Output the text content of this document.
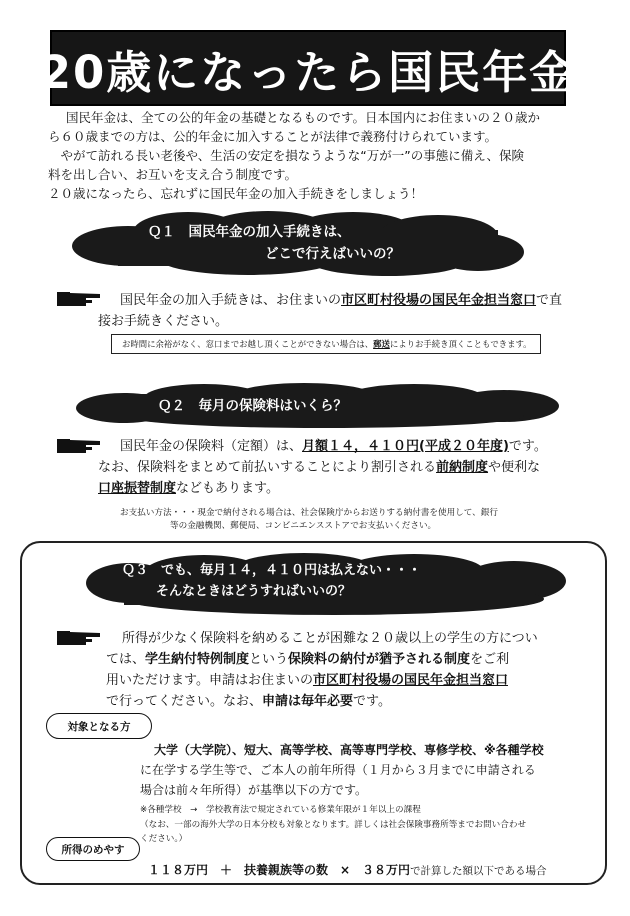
20歳になったら国民年金
国民年金は、全ての公的年金の基礎となるものです。日本国内にお住まいの２０歳か
ら６０歳までの方は、公的年金に加入することが法律で義務付けられています。
　やがて訪れる長い老後や、生活の安定を損なうような“万が一”の事態に備え、保険
料を出し合い、お互いを支え合う制度です。
２０歳になったら、忘れずに国民年金の加入手続きをしましょう！
Ｑ１　国民年金の加入手続きは、
どこで行えばいいの？
国民年金の加入手続きは、お住まいの市区町村役場の国民年金担当窓口で直
接お手続きください。
お時間に余裕がなく、窓口までお越し頂くことができない場合は、郵送によりお手続き頂くこともできます。
Ｑ２　毎月の保険料はいくら？
国民年金の保険料（定額）は、月額１４，４１０円(平成２０年度)です。
なお、保険料をまとめて前払いすることにより割引される前納制度や便利な
口座振替制度などもあります。
お支払い方法・・・現金で納付される場合は、社会保険庁からお送りする納付書を使用して、銀行
等の金融機関、郵便局、コンビニエンスストアでお支払いください。
Ｑ３　でも、毎月１４，４１０円は払えない・・・
そんなときはどうすればいいの？
所得が少なく保険料を納めることが困難な２０歳以上の学生の方につい
ては、学生納付特例制度という保険料の納付が猶予される制度をご利
用いただけます。申請はお住まいの市区町村役場の国民年金担当窓口
で行ってください。なお、申請は毎年必要です。
対象となる方
大学（大学院）、短大、高等学校、高等専門学校、専修学校、※各種学校
に在学する学生等で、ご本人の前年所得（１月から３月までに申請される
場合は前々年所得）が基準以下の方です。
※各種学校　→　学校教育法で規定されている修業年限が１年以上の課程
（なお、一部の海外大学の日本分校も対象となります。詳しくは社会保険事務所等までお問い合わせ
ください。）
所得のめやす
１１８万円　＋　扶養親族等の数　×　３８万円で計算した額以下である場合
